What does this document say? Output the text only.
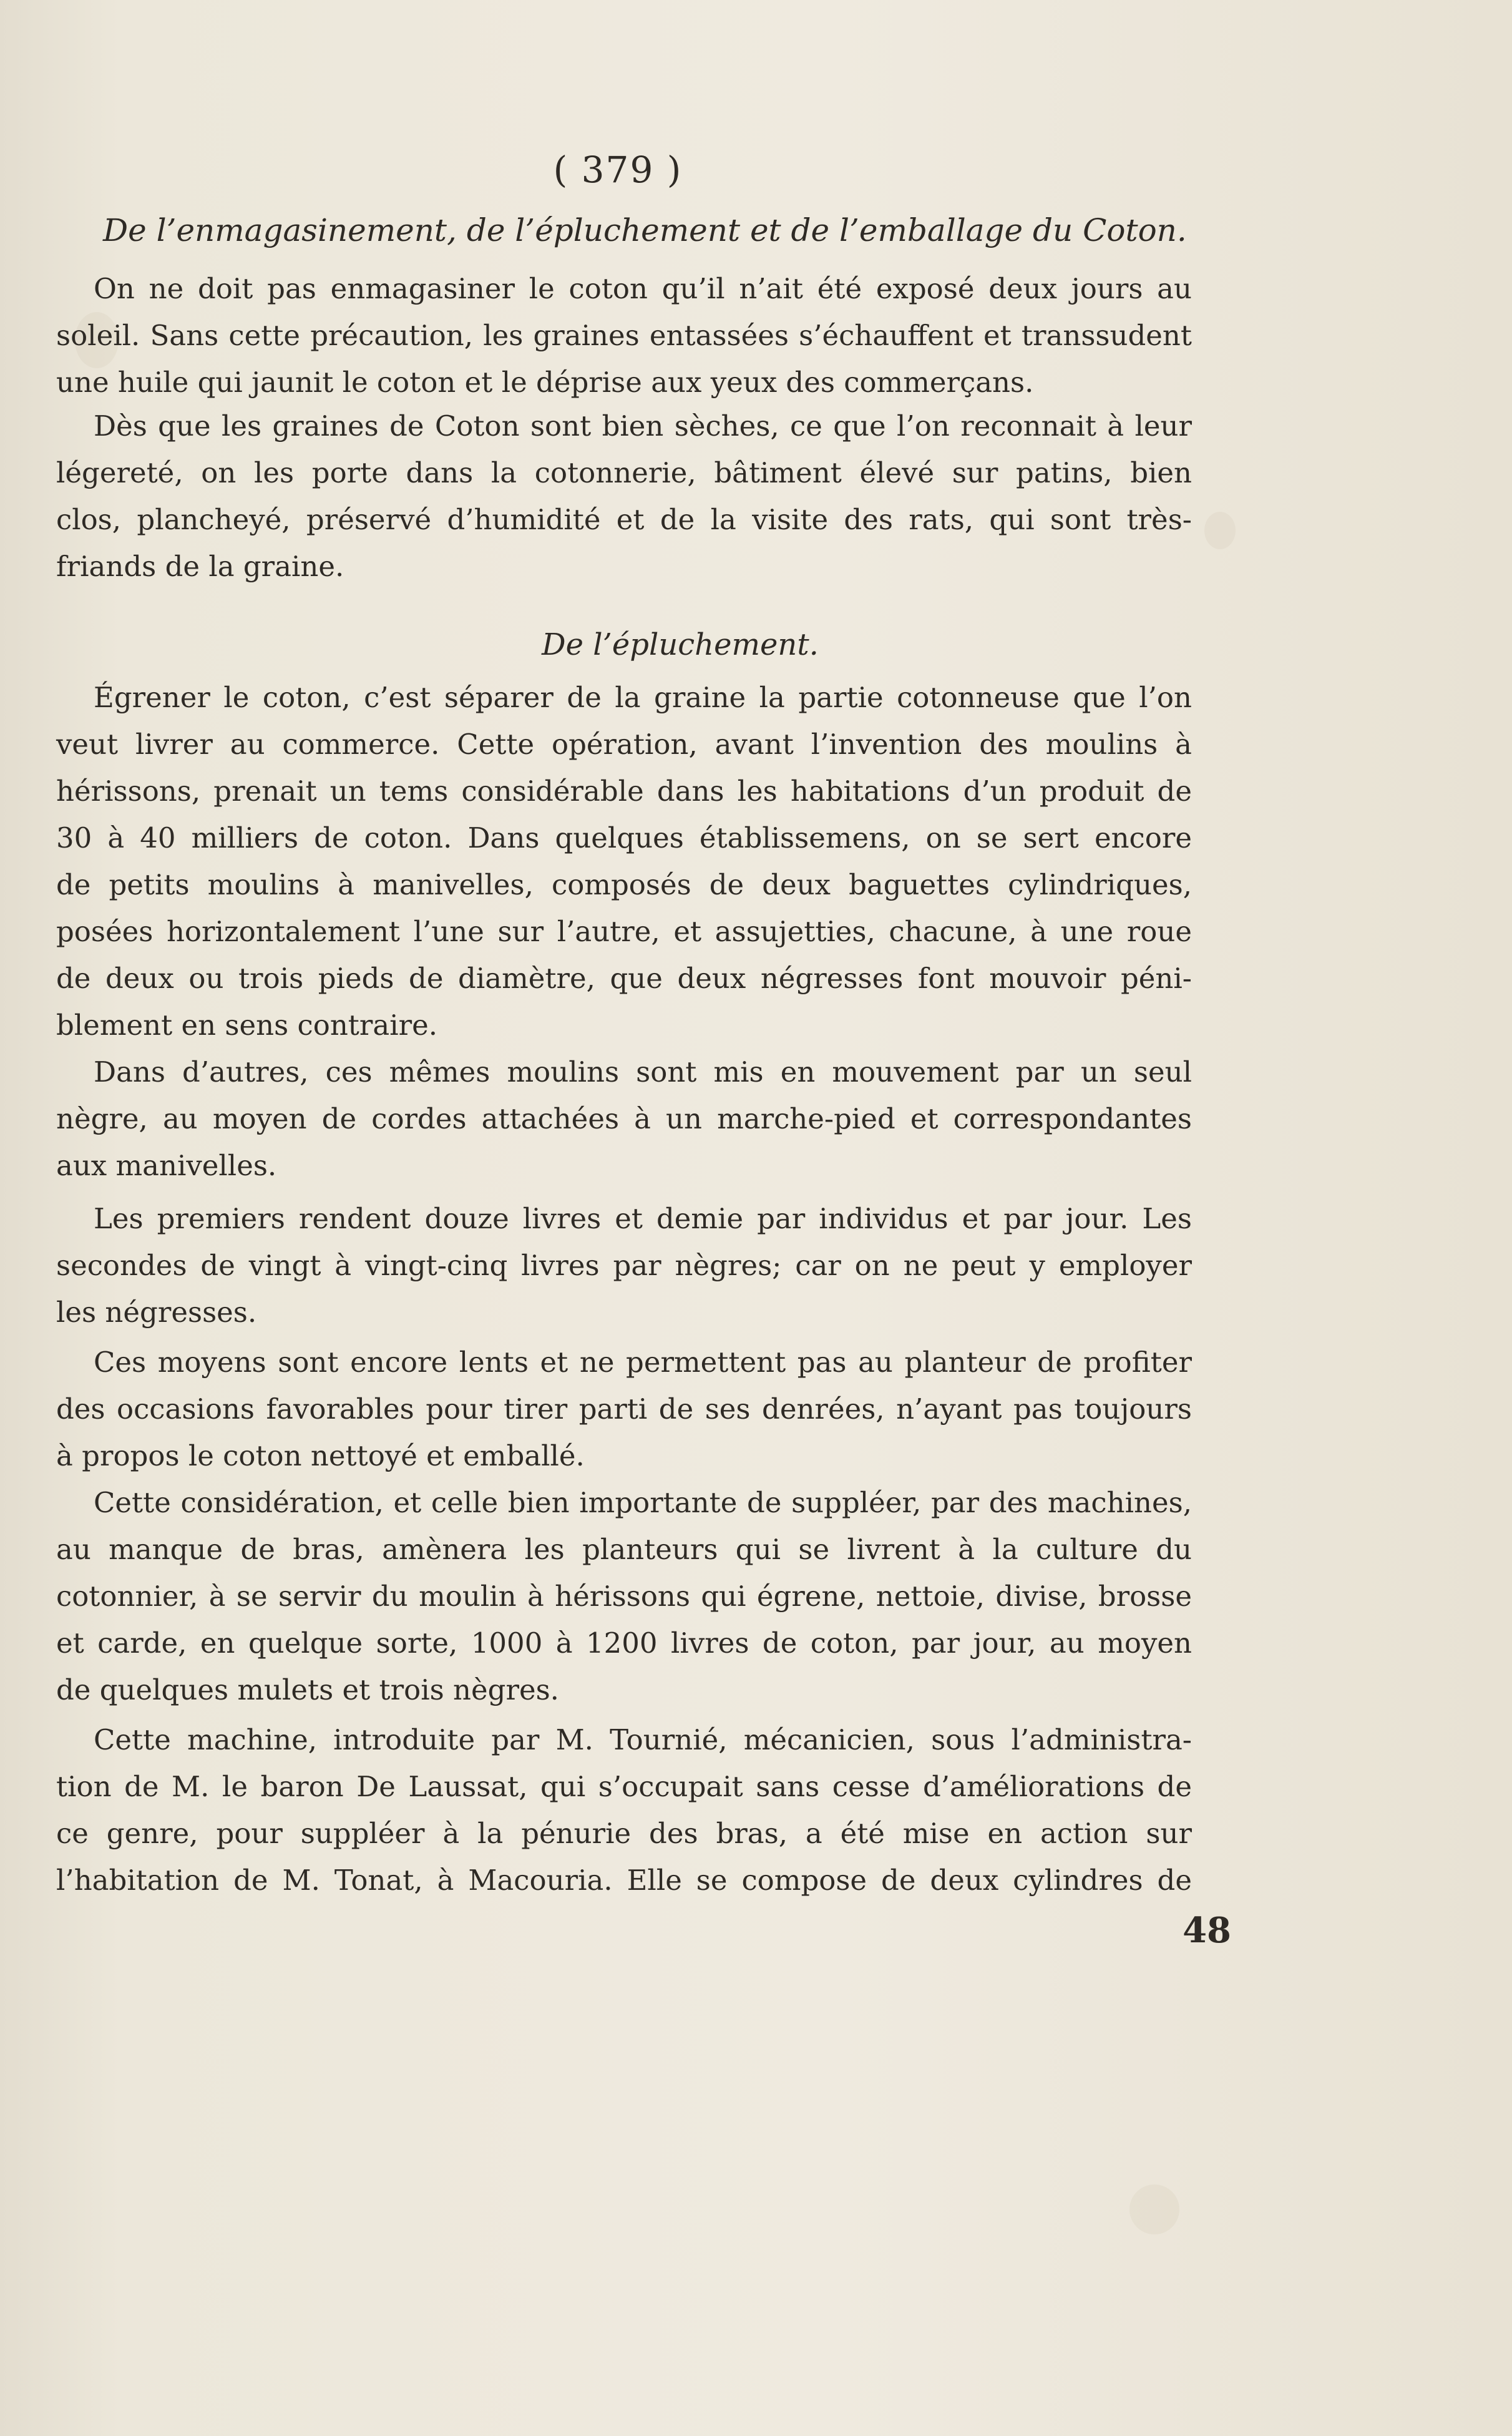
( 379 )
De l’enmagasinement, de l’épluchement et de l’emballage du Coton.
On ne doit pas enmagasiner le coton qu’il n’ait été exposé deux jours au
soleil. Sans cette précaution, les graines entassées s’échauffent et transsudent
une huile qui jaunit le coton et le déprise aux yeux des commerçans.
Dès que les graines de Coton sont bien sèches, ce que l’on reconnait à leur
légereté, on les porte dans la cotonnerie, bâtiment élevé sur patins, bien
clos, plancheyé, préservé d’humidité et de la visite des rats, qui sont très-
friands de la graine.
De l’épluchement.
Égrener le coton, c’est séparer de la graine la partie cotonneuse que l’on
veut livrer au commerce. Cette opération, avant l’invention des moulins à
hérissons, prenait un tems considérable dans les habitations d’un produit de
30 à 40 milliers de coton. Dans quelques établissemens, on se sert encore
de petits moulins à manivelles, composés de deux baguettes cylindriques,
posées horizontalement l’une sur l’autre, et assujetties, chacune, à une roue
de deux ou trois pieds de diamètre, que deux négresses font mouvoir péni-
blement en sens contraire.
Dans d’autres, ces mêmes moulins sont mis en mouvement par un seul
nègre, au moyen de cordes attachées à un marche-pied et correspondantes
aux manivelles.
Les premiers rendent douze livres et demie par individus et par jour. Les
secondes de vingt à vingt-cinq livres par nègres; car on ne peut y employer
les négresses.
Ces moyens sont encore lents et ne permettent pas au planteur de profiter
des occasions favorables pour tirer parti de ses denrées, n’ayant pas toujours
à propos le coton nettoyé et emballé.
Cette considération, et celle bien importante de suppléer, par des machines,
au manque de bras, amènera les planteurs qui se livrent à la culture du
cotonnier, à se servir du moulin à hérissons qui égrene, nettoie, divise, brosse
et carde, en quelque sorte, 1000 à 1200 livres de coton, par jour, au moyen
de quelques mulets et trois nègres.
Cette machine, introduite par M. Tournié, mécanicien, sous l’administra-
tion de M. le baron De Laussat, qui s’occupait sans cesse d’améliorations de
ce genre, pour suppléer à la pénurie des bras, a été mise en action sur
l’habitation de M. Tonat, à Macouria. Elle se compose de deux cylindres de
48
